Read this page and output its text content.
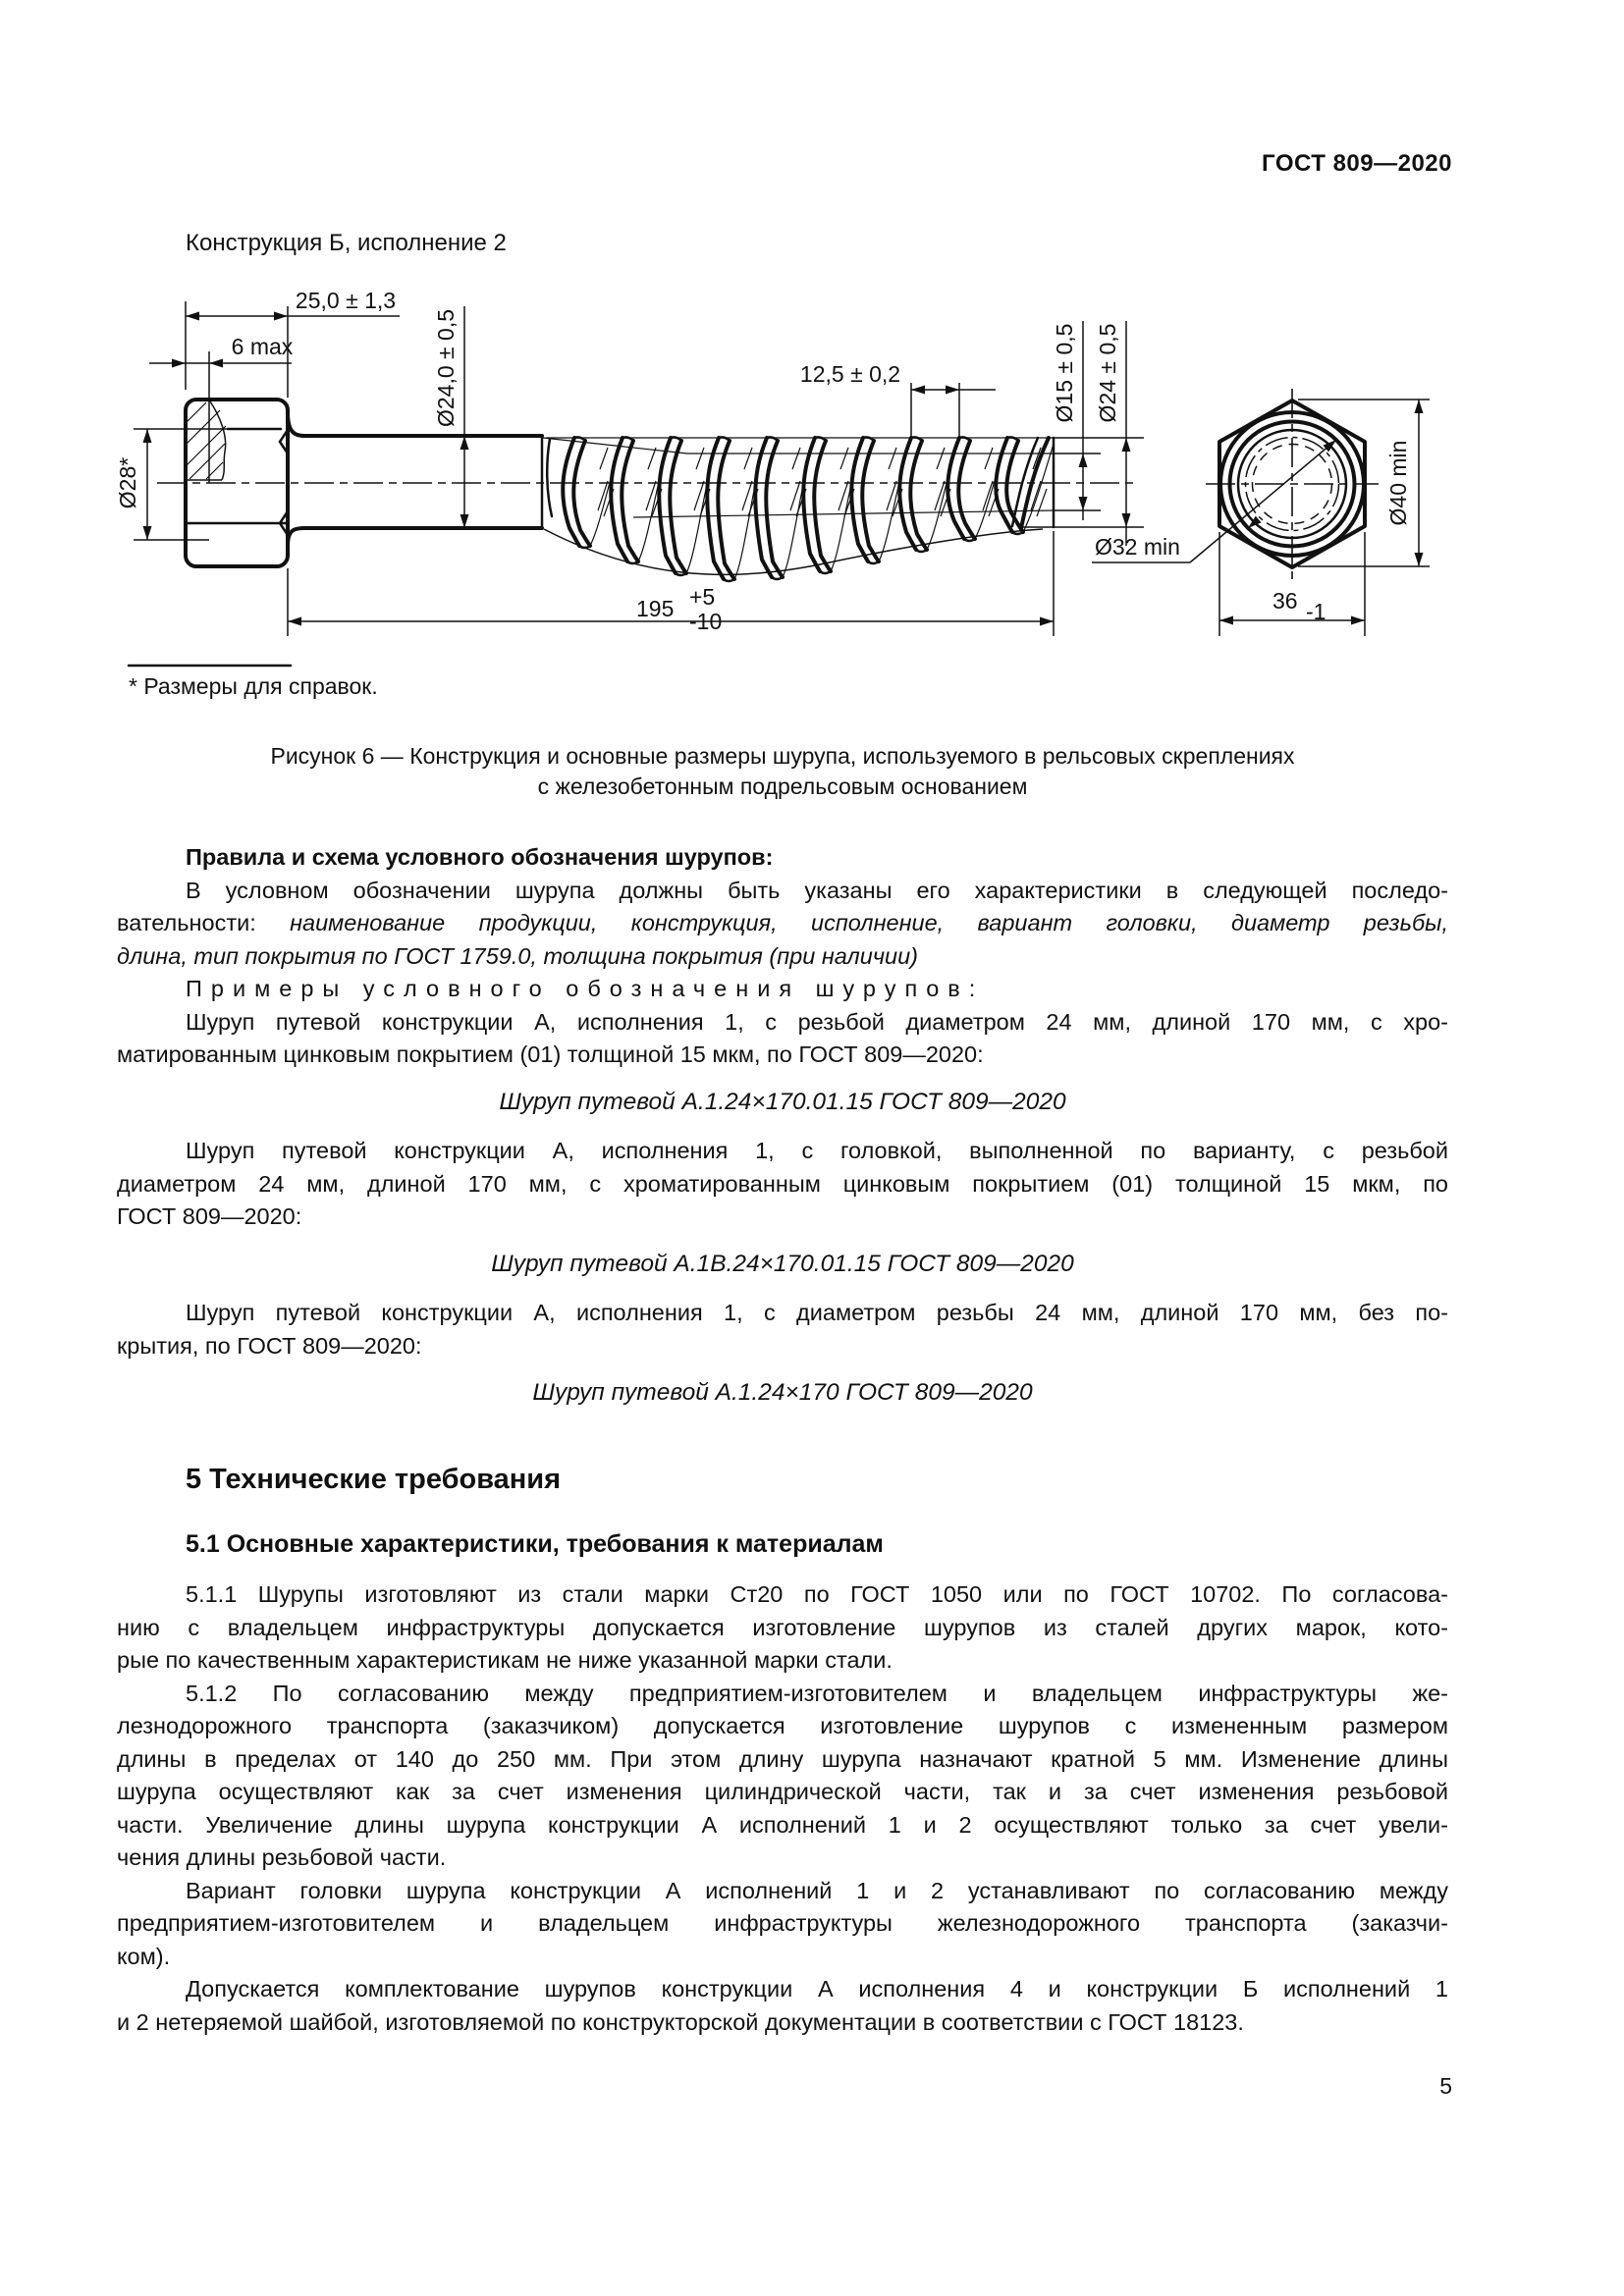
ГОСТ 809—2020
Конструкция Б, исполнение 2
25,0 ± 1,3
6 max
Ø28*
Ø24,0 ± 0,5	12,5 ± 0,2	Ø15 ± 0,5 Ø24 ± 0,5
195 +5
-10
Ø32 min
Ø40 min
36 -1
* Размеры для справок.
Рисунок 6 — Конструкция и основные размеры шурупа, используемого в рельсовых скреплениях
с железобетонным подрельсовым основанием
Правила и схема условного обозначения шурупов:
В условном обозначении шурупа должны быть указаны его характеристики в следующей последо-
вательности: наименование продукции, конструкция, исполнение, вариант головки, диаметр резьбы,
длина, тип покрытия по ГОСТ 1759.0, толщина покрытия (при наличии)
Примеры условного обозначения шурупов:
Шуруп путевой конструкции А, исполнения 1, с резьбой диаметром 24 мм, длиной 170 мм, с хро-
матированным цинковым покрытием (01) толщиной 15 мкм, по ГОСТ 809—2020:
Шуруп путевой А.1.24×170.01.15 ГОСТ 809—2020
Шуруп путевой конструкции А, исполнения 1, с головкой, выполненной по варианту, с резьбой
диаметром 24 мм, длиной 170 мм, с хроматированным цинковым покрытием (01) толщиной 15 мкм, по
ГОСТ 809—2020:
Шуруп путевой А.1В.24×170.01.15 ГОСТ 809—2020
Шуруп путевой конструкции А, исполнения 1, с диаметром резьбы 24 мм, длиной 170 мм, без по-
крытия, по ГОСТ 809—2020:
Шуруп путевой А.1.24×170 ГОСТ 809—2020
5 Технические требования
5.1 Основные характеристики, требования к материалам
5.1.1 Шурупы изготовляют из стали марки Ст20 по ГОСТ 1050 или по ГОСТ 10702. По согласова-
нию с владельцем инфраструктуры допускается изготовление шурупов из сталей других марок, кото-
рые по качественным характеристикам не ниже указанной марки стали.
5.1.2 По согласованию между предприятием-изготовителем и владельцем инфраструктуры же-
лезнодорожного транспорта (заказчиком) допускается изготовление шурупов с измененным размером
длины в пределах от 140 до 250 мм. При этом длину шурупа назначают кратной 5 мм. Изменение длины
шурупа осуществляют как за счет изменения цилиндрической части, так и за счет изменения резьбовой
части. Увеличение длины шурупа конструкции А исполнений 1 и 2 осуществляют только за счет увели-
чения длины резьбовой части.
Вариант головки шурупа конструкции А исполнений 1 и 2 устанавливают по согласованию между
предприятием-изготовителем и владельцем инфраструктуры железнодорожного транспорта (заказчи-
ком).
Допускается комплектование шурупов конструкции А исполнения 4 и конструкции Б исполнений 1
и 2 нетеряемой шайбой, изготовляемой по конструкторской документации в соответствии с ГОСТ 18123.
5
